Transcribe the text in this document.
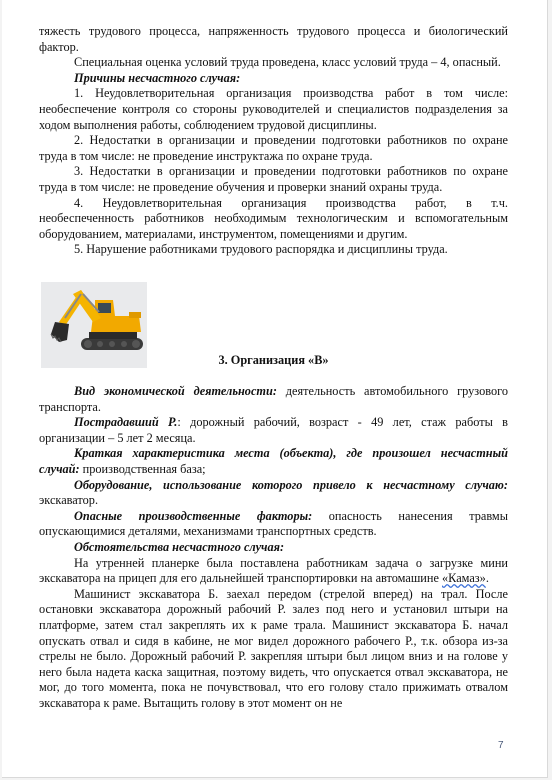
тяжесть трудового процесса, напряженность трудового процесса и биологический фактор.

Специальная оценка условий труда проведена, класс условий труда – 4, опасный.

Причины несчастного случая:

1. Неудовлетворительная организация производства работ в том числе: необеспечение контроля со стороны руководителей и специалистов подразделения за ходом выполнения работы, соблюдением трудовой дисциплины.

2. Недостатки в организации и проведении подготовки работников по охране труда в том числе: не проведение инструктажа по охране труда.

3. Недостатки в организации и проведении подготовки работников по охране труда в том числе: не проведение обучения и проверки знаний охраны труда.

4. Неудовлетворительная организация производства работ, в т.ч. необеспеченность работников необходимым технологическим и вспомогательным оборудованием, материалами, инструментом, помещениями и другим.

5. Нарушение работниками трудового распорядка и дисциплины труда.

3. Организация «В»

Вид экономической деятельности: деятельность автомобильного грузового транспорта.

Пострадавший Р.: дорожный рабочий, возраст - 49 лет, стаж работы в организации – 5 лет 2 месяца.

Краткая характеристика места (объекта), где произошел несчастный случай: производственная база;

Оборудование, использование которого привело к несчастному случаю: экскаватор.

Опасные производственные факторы: опасность нанесения травмы опускающимися деталями, механизмами транспортных средств.

Обстоятельства несчастного случая:

На утренней планерке была поставлена работникам задача о загрузке мини экскаватора на прицеп для его дальнейшей транспортировки на автомашине «Камаз».

Машинист экскаватора Б. заехал передом (стрелой вперед) на трал. После остановки экскаватора дорожный рабочий Р. залез под него и установил штыри на платформе, затем стал закреплять их к раме трала. Машинист экскаватора Б. начал опускать отвал и сидя в кабине, не мог видел дорожного рабочего Р., т.к. обзора из-за стрелы не было. Дорожный рабочий Р. закрепляя штыри был лицом вниз и на голове у него была надета каска защитная, поэтому видеть, что опускается отвал экскаватора, не мог, до того момента, пока не почувствовал, что его голову стало прижимать отвалом экскаватора к раме. Вытащить голову в этот момент он не

7
